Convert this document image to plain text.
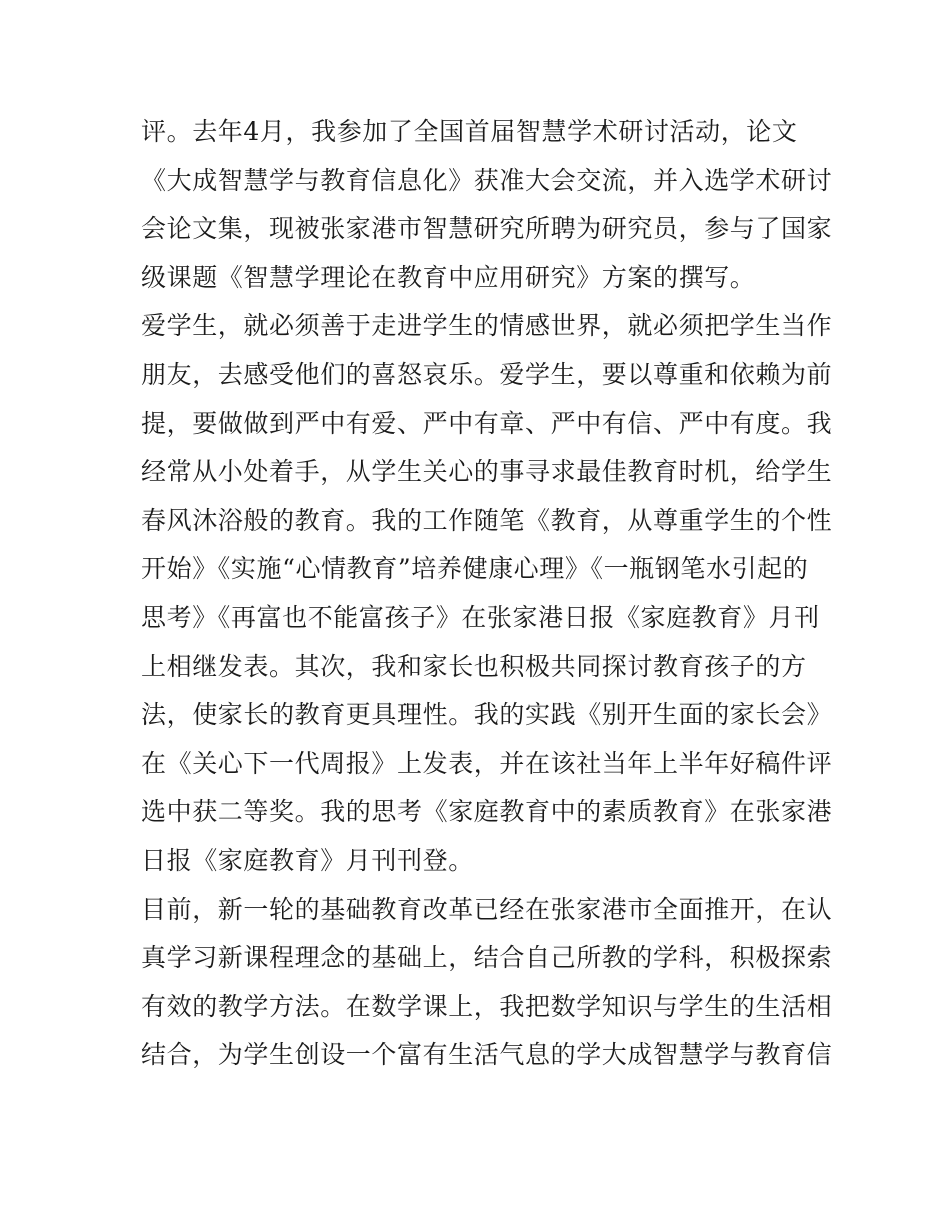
评。去年4月，我参加了全国首届智慧学术研讨活动，论文
《大成智慧学与教育信息化》获准大会交流，并入选学术研讨
会论文集，现被张家港市智慧研究所聘为研究员，参与了国家
级课题《智慧学理论在教育中应用研究》方案的撰写。
爱学生，就必须善于走进学生的情感世界，就必须把学生当作
朋友，去感受他们的喜怒哀乐。爱学生，要以尊重和依赖为前
提，要做做到严中有爱、严中有章、严中有信、严中有度。我
经常从小处着手，从学生关心的事寻求最佳教育时机，给学生
春风沐浴般的教育。我的工作随笔《教育，从尊重学生的个性
开始》《实施“心情教育”培养健康心理》《一瓶钢笔水引起的
思考》《再富也不能富孩子》在张家港日报《家庭教育》月刊
上相继发表。其次，我和家长也积极共同探讨教育孩子的方
法，使家长的教育更具理性。我的实践《别开生面的家长会》
在《关心下一代周报》上发表，并在该社当年上半年好稿件评
选中获二等奖。我的思考《家庭教育中的素质教育》在张家港
日报《家庭教育》月刊刊登。
目前，新一轮的基础教育改革已经在张家港市全面推开，在认
真学习新课程理念的基础上，结合自己所教的学科，积极探索
有效的教学方法。在数学课上，我把数学知识与学生的生活相
结合，为学生创设一个富有生活气息的学大成智慧学与教育信
